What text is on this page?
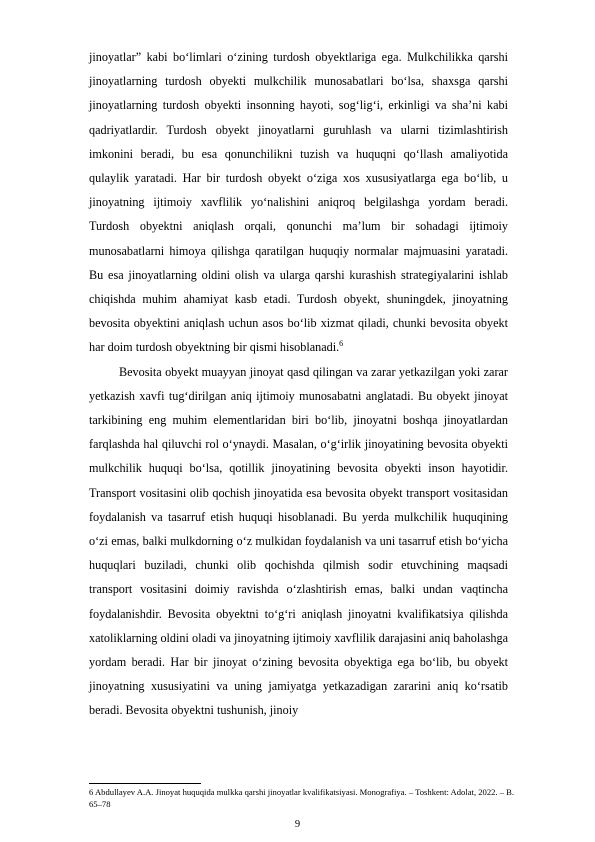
jinoyatlar” kabi bo‘limlari o‘zining turdosh obyektlariga ega. Mulkchilikka qarshi jinoyatlarning turdosh obyekti mulkchilik munosabatlari bo‘lsa, shaxsga qarshi jinoyatlarning turdosh obyekti insonning hayoti, sog‘lig‘i, erkinligi va sha’ni kabi qadriyatlardir. Turdosh obyekt jinoyatlarni guruhlash va ularni tizimlashtirish imkonini beradi, bu esa qonunchilikni tuzish va huquqni qo‘llash amaliyotida qulaylik yaratadi. Har bir turdosh obyekt o‘ziga xos xususiyatlarga ega bo‘lib, u jinoyatning ijtimoiy xavflilik yo‘nalishini aniqroq belgilashga yordam beradi. Turdosh obyektni aniqlash orqali, qonunchi ma’lum bir sohadagi ijtimoiy munosabatlarni himoya qilishga qaratilgan huquqiy normalar majmuasini yaratadi. Bu esa jinoyatlarning oldini olish va ularga qarshi kurashish strategiyalarini ishlab chiqishda muhim ahamiyat kasb etadi. Turdosh obyekt, shuningdek, jinoyatning bevosita obyektini aniqlash uchun asos bo‘lib xizmat qiladi, chunki bevosita obyekt har doim turdosh obyektning bir qismi hisoblanadi.$^6$

Bevosita obyekt muayyan jinoyat qasd qilingan va zarar yetkazilgan yoki zarar yetkazish xavfi tug‘dirilgan aniq ijtimoiy munosabatni anglatadi. Bu obyekt jinoyat tarkibining eng muhim elementlaridan biri bo‘lib, jinoyatni boshqa jinoyatlardan farqlashda hal qiluvchi rol o‘ynaydi. Masalan, o‘g‘irlik jinoyatining bevosita obyekti mulkchilik huquqi bo‘lsa, qotillik jinoyatining bevosita obyekti inson hayotidir. Transport vositasini olib qochish jinoyatida esa bevosita obyekt transport vositasidan foydalanish va tasarruf etish huquqi hisoblanadi. Bu yerda mulkchilik huquqining o‘zi emas, balki mulkdorning o‘z mulkidan foydalanish va uni tasarruf etish bo‘yicha huquqlari buziladi, chunki olib qochishda qilmish sodir etuvchining maqsadi transport vositasini doimiy ravishda o‘zlashtirish emas, balki undan vaqtincha foydalanishdir. Bevosita obyektni to‘g‘ri aniqlash jinoyatni kvalifikatsiya qilishda xatoliklarning oldini oladi va jinoyatning ijtimoiy xavflilik darajasini aniq baholashga yordam beradi. Har bir jinoyat o‘zining bevosita obyektiga ega bo‘lib, bu obyekt jinoyatning xususiyatini va uning jamiyatga yetkazadigan zararini aniq ko‘rsatib beradi. Bevosita obyektni tushunish, jinoiy

6 Abdullayev A.A. Jinoyat huquqida mulkka qarshi jinoyatlar kvalifikatsiyasi. Monografiya. – Toshkent: Adolat, 2022. – B. 65–78

9
